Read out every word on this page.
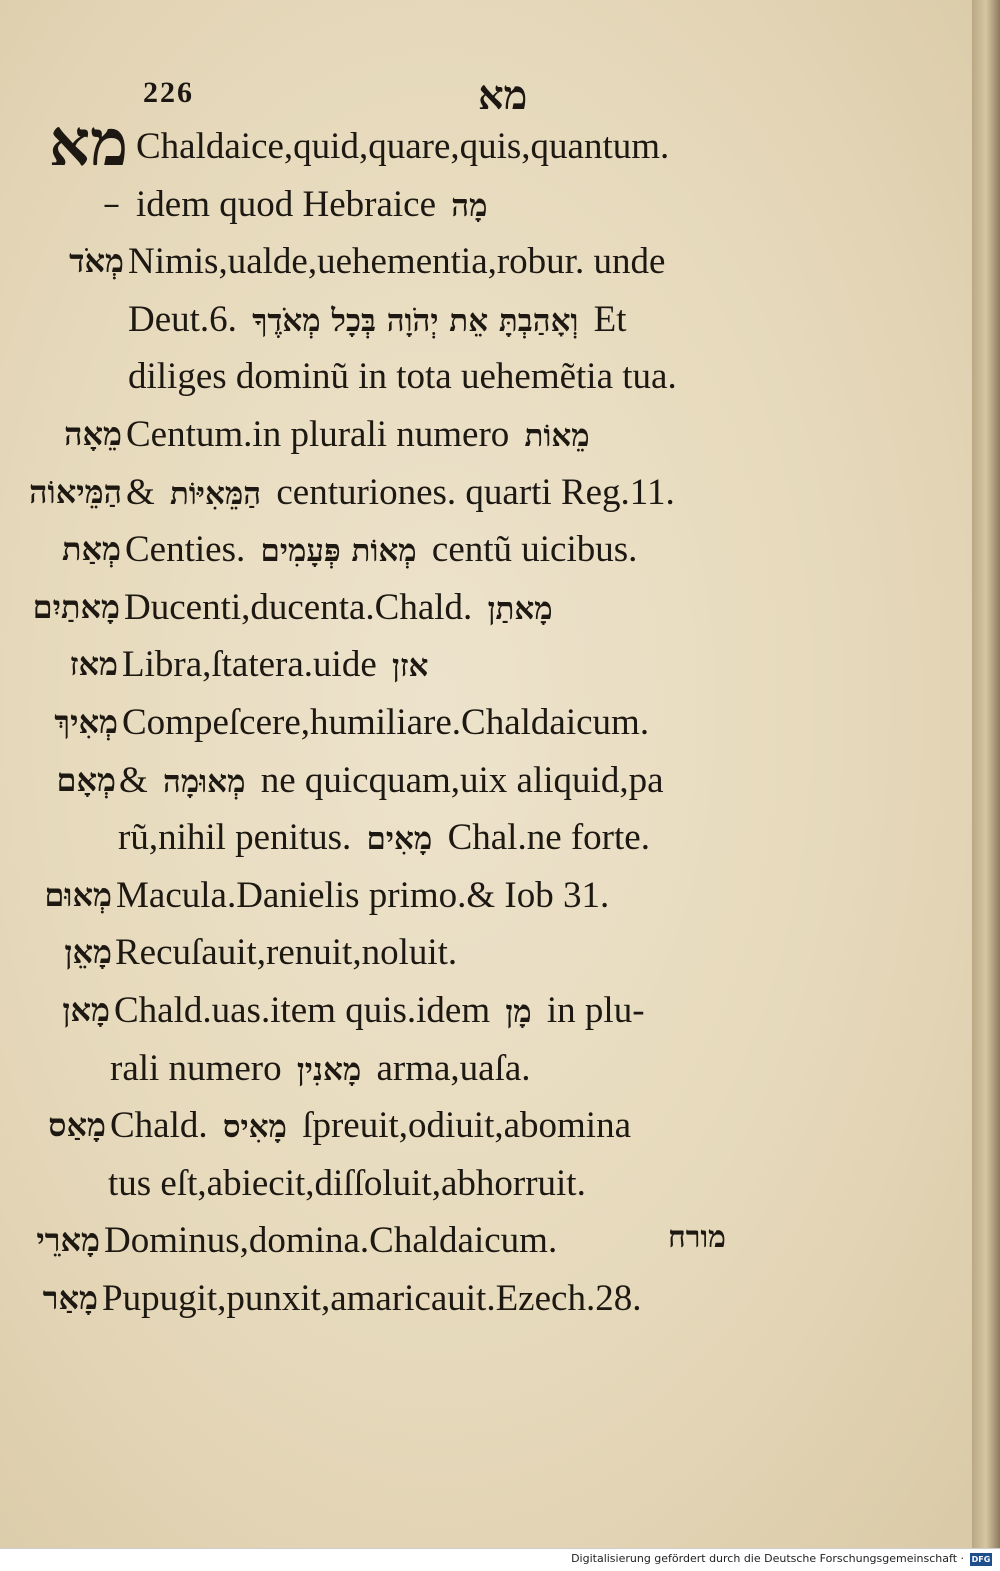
226	מא
מא Chaldaice,quid,quare,quis,quantum.
– idem quod Hebraice מָה
מְאֹד Nimis,ualde,uehementia,robur. unde
Deut.6. וְאָהַבְתָּ אֵת יְהֹוָה בְּכָל מְאֹדֶךָ Et
diliges dominũ in tota uehemẽtia tua.
מֵאָה Centum.in plurali numero מֵאוֹת
הַמֵּיאוֹה & הַמֵּאִיּוֹת centuriones. quarti Reg.11.
מְאַת Centies. מְאוֹת פְּעָמִים centũ uicibus.
מָאתַיִם Ducenti,ducenta.Chald. מָאתַן
מאז Libra,ſtatera.uide אזן
מְאִיךְ Compeſcere,humiliare.Chaldaicum.
מְאָם & מְאוּמָה ne quicquam,uix aliquid,pa
rũ,nihil penitus. מָאִים Chal.ne forte.
מְאוּם Macula.Danielis primo.& Iob 31.
מָאֵן Recuſauit,renuit,noluit.
מָאן Chald.uas.item quis.idem מָן in plu-
rali numero מָאנִין arma,uaſa.
מָאַס Chald. מָאִיס ſpreuit,odiuit,abomina
tus eſt,abiecit,diſſoluit,abhorruit.
מָארֵי Dominus,domina.Chaldaicum.
מָאַר Pupugit,punxit,amaricauit.Ezech.28.
מורח
Digitalisierung gefördert durch die Deutsche Forschungsgemeinschaft · DFG
